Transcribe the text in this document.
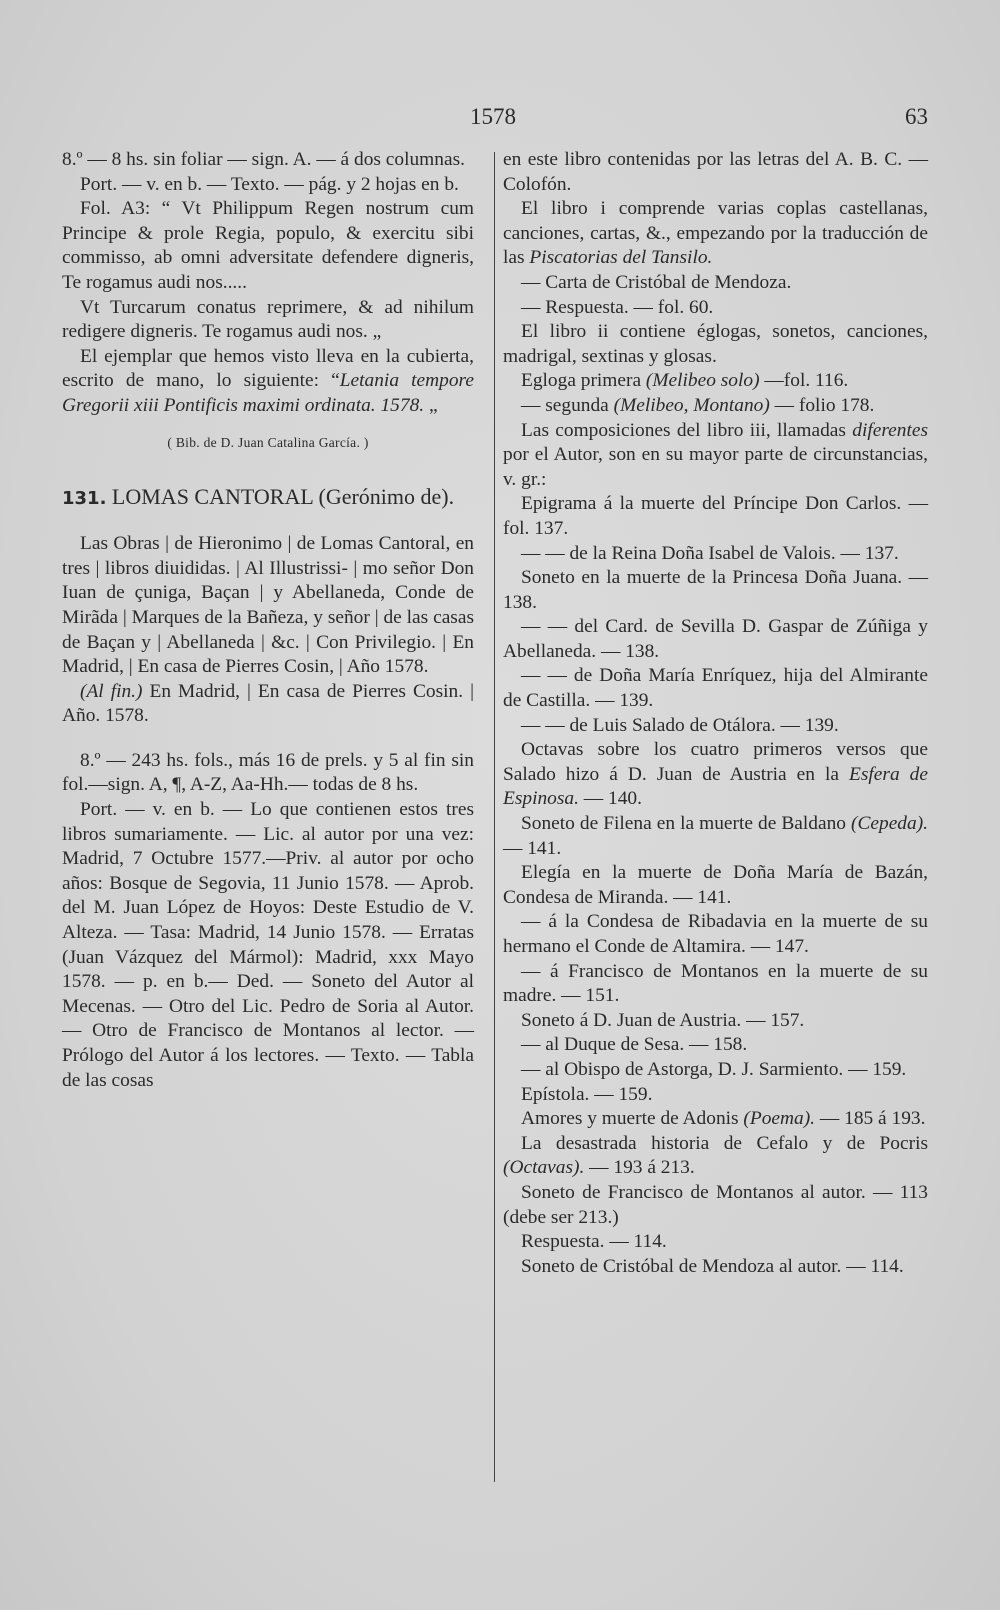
1578	63

8.º — 8 hs. sin foliar — sign. A. — á dos columnas.

Port. — v. en b. — Texto. — pág. y 2 hojas en b.

Fol. A3: “ Vt Philippum Regen nostrum cum Principe & prole Regia, populo, & exercitu sibi commisso, ab omni adversitate defendere digneris, Te rogamus audi nos.....

Vt Turcarum conatus reprimere, & ad nihilum redigere digneris. Te rogamus audi nos. „

El ejemplar que hemos visto lleva en la cubierta, escrito de mano, lo siguiente: “Letania tempore Gregorii xiii Pontificis maximi ordinata. 1578. „

( Bib. de D. Juan Catalina García. )

131. LOMAS CANTORAL (Gerónimo de).

Las Obras | de Hieronimo | de Lomas Cantoral, en tres | libros diuididas. | Al Illustrissi- | mo señor Don Iuan de çuniga, Baçan | y Abellaneda, Conde de Mirãda | Marques de la Bañeza, y señor | de las casas de Baçan y | Abellaneda | &c. | Con Privilegio. | En Madrid, | En casa de Pierres Cosin, | Año 1578.

(Al fin.) En Madrid, | En casa de Pierres Cosin. | Año. 1578.

8.º — 243 hs. fols., más 16 de prels. y 5 al fin sin fol.—sign. A, ¶, A-Z, Aa-Hh.— todas de 8 hs.

Port. — v. en b. — Lo que contienen estos tres libros sumariamente. — Lic. al autor por una vez: Madrid, 7 Octubre 1577.—Priv. al autor por ocho años: Bosque de Segovia, 11 Junio 1578. — Aprob. del M. Juan López de Hoyos: Deste Estudio de V. Alteza. — Tasa: Madrid, 14 Junio 1578. — Erratas (Juan Vázquez del Mármol): Madrid, xxx Mayo 1578. — p. en b.— Ded. — Soneto del Autor al Mecenas. — Otro del Lic. Pedro de Soria al Autor. — Otro de Francisco de Montanos al lector. — Prólogo del Autor á los lectores. — Texto. — Tabla de las cosas

en este libro contenidas por las letras del A. B. C. — Colofón.

El libro i comprende varias coplas castellanas, canciones, cartas, &., empezando por la traducción de las Piscatorias del Tansilo.

— Carta de Cristóbal de Mendoza.

— Respuesta. — fol. 60.

El libro ii contiene églogas, sonetos, canciones, madrigal, sextinas y glosas.

Egloga primera (Melibeo solo) —fol. 116.

— segunda (Melibeo, Montano) — folio 178.

Las composiciones del libro iii, llamadas diferentes por el Autor, son en su mayor parte de circunstancias, v. gr.:

Epigrama á la muerte del Príncipe Don Carlos. — fol. 137.

— — de la Reina Doña Isabel de Valois. — 137.

Soneto en la muerte de la Princesa Doña Juana. — 138.

— — del Card. de Sevilla D. Gaspar de Zúñiga y Abellaneda. — 138.

— — de Doña María Enríquez, hija del Almirante de Castilla. — 139.

— — de Luis Salado de Otálora. — 139.

Octavas sobre los cuatro primeros versos que Salado hizo á D. Juan de Austria en la Esfera de Espinosa. — 140.

Soneto de Filena en la muerte de Baldano (Cepeda). — 141.

Elegía en la muerte de Doña María de Bazán, Condesa de Miranda. — 141.

— á la Condesa de Ribadavia en la muerte de su hermano el Conde de Altamira. — 147.

— á Francisco de Montanos en la muerte de su madre. — 151.

Soneto á D. Juan de Austria. — 157.

— al Duque de Sesa. — 158.

— al Obispo de Astorga, D. J. Sarmiento. — 159.

Epístola. — 159.

Amores y muerte de Adonis (Poema). — 185 á 193.

La desastrada historia de Cefalo y de Pocris (Octavas). — 193 á 213.

Soneto de Francisco de Montanos al autor. — 113 (debe ser 213.)

Respuesta. — 114.

Soneto de Cristóbal de Mendoza al autor. — 114.
